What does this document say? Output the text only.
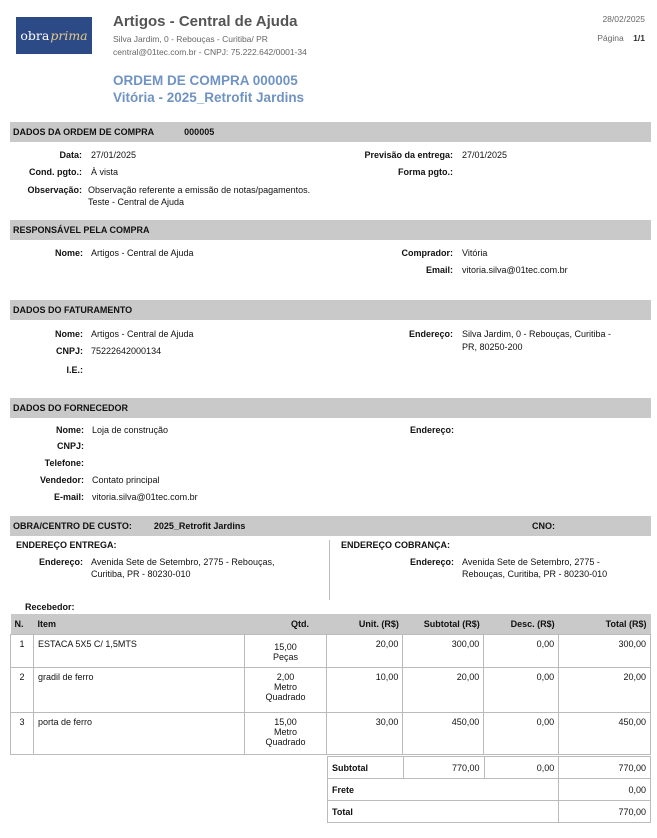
obra prima
Artigos - Central de Ajuda
Silva Jardim, 0 - Rebouças - Curitiba/ PR
central@01tec.com.br - CNPJ: 75.222.642/0001-34
28/02/2025
Página 1/1
ORDEM DE COMPRA 000005
Vitória - 2025_Retrofit Jardins
DADOS DA ORDEM DE COMPRA	000005
Data: 27/01/2025	Previsão da entrega: 27/01/2025
Cond. pgto.: À vista	Forma pgto.:
Observação: Observação referente a emissão de notas/pagamentos.
Teste - Central de Ajuda
RESPONSÁVEL PELA COMPRA
Nome: Artigos - Central de Ajuda	Comprador: Vitória
Email: vitoria.silva@01tec.com.br
DADOS DO FATURAMENTO
Nome: Artigos - Central de Ajuda	Endereço: Silva Jardim, 0 - Rebouças, Curitiba -
PR, 80250-200
CNPJ: 75222642000134
I.E.:
DADOS DO FORNECEDOR
Nome: Loja de construção	Endereço:
CNPJ:
Telefone:
Vendedor: Contato principal
E-mail: vitoria.silva@01tec.com.br
OBRA/CENTRO DE CUSTO: 2025_Retrofit Jardins	CNO:
ENDEREÇO ENTREGA:
Endereço: Avenida Sete de Setembro, 2775 - Rebouças,
Curitiba, PR - 80230-010
ENDEREÇO COBRANÇA:
Endereço: Avenida Sete de Setembro, 2775 -
Rebouças, Curitiba, PR - 80230-010
Recebedor:
N.	Item	Qtd.	Unit. (R$)	Subtotal (R$)	Desc. (R$)	Total (R$)
1	ESTACA 5X5 C/ 1,5MTS	15,00
Peças	20,00	300,00	0,00	300,00
2	gradil de ferro	2,00
Metro
Quadrado	10,00	20,00	0,00	20,00
3	porta de ferro	15,00
Metro
Quadrado	30,00	450,00	0,00	450,00
Subtotal	770,00	0,00	770,00
Frete			0,00
Total			770,00
